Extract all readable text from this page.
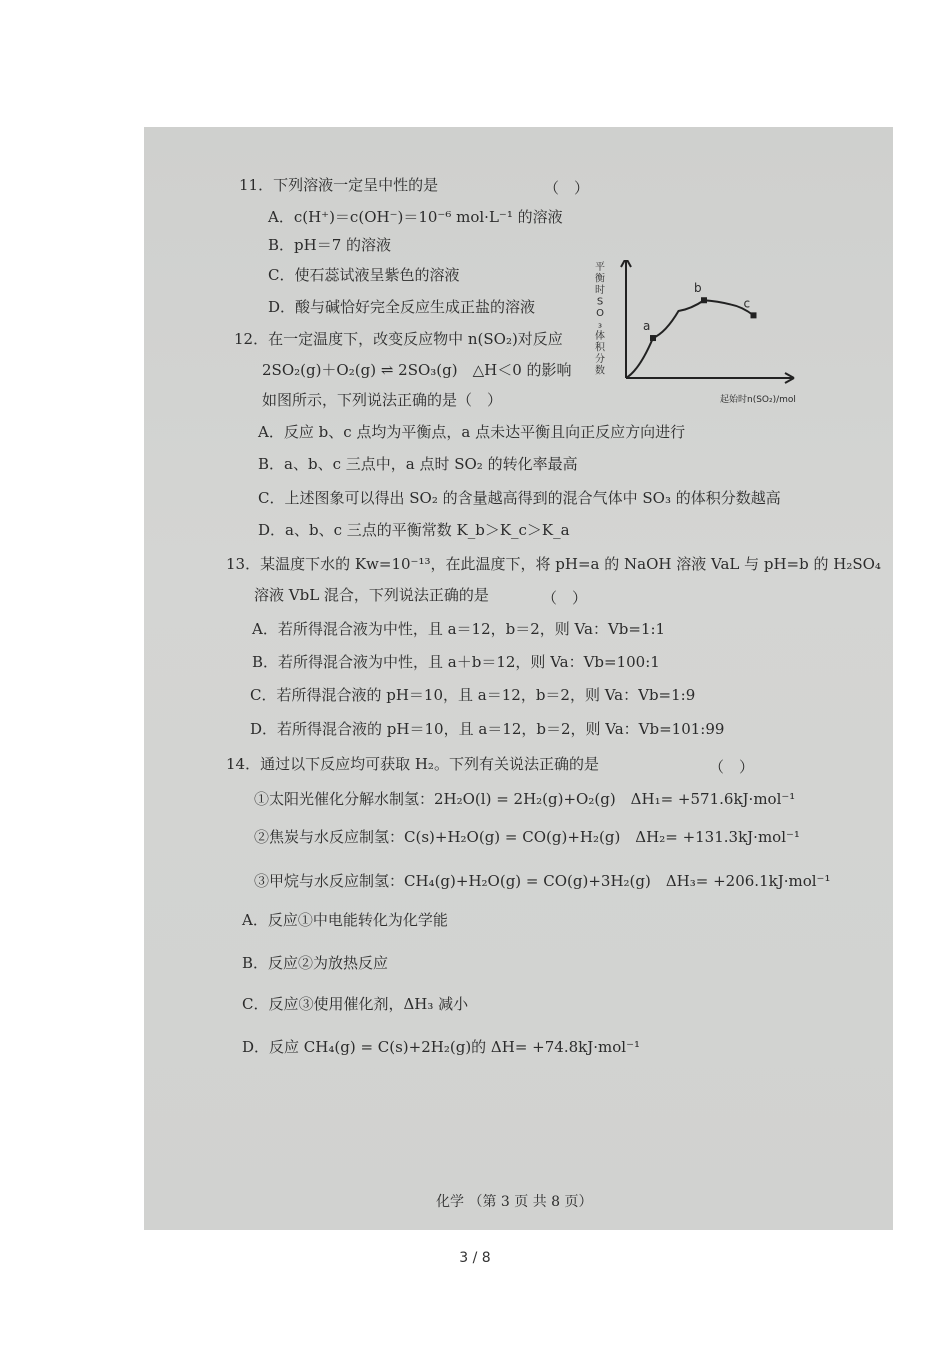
11．下列溶液一定呈中性的是	（　）
A．c(H⁺)＝c(OH⁻)＝10⁻⁶ mol·L⁻¹ 的溶液
B．pH＝7 的溶液
C．使石蕊试液呈紫色的溶液
D．酸与碱恰好完全反应生成正盐的溶液
12．在一定温度下，改变反应物中 n(SO₂)对反应
2SO₂(g)＋O₂(g) ⇌ 2SO₃(g)　△H＜0 的影响
如图所示，下列说法正确的是（　）
a
b
c
平
衡
时
S
O
₃
体
积
分
数
起始时n(SO₂)/mol
A．反应 b、c 点均为平衡点，a 点未达平衡且向正反应方向进行
B．a、b、c 三点中，a 点时 SO₂ 的转化率最高
C．上述图象可以得出 SO₂ 的含量越高得到的混合气体中 SO₃ 的体积分数越高
D．a、b、c 三点的平衡常数 K_b＞K_c＞K_a
13．某温度下水的 Kw=10⁻¹³，在此温度下，将 pH=a 的 NaOH 溶液 VaL 与 pH=b 的 H₂SO₄
溶液 VbL 混合，下列说法正确的是	（　）
A．若所得混合液为中性，且 a＝12，b＝2，则 Va：Vb=1:1
B．若所得混合液为中性，且 a＋b＝12，则 Va：Vb=100:1
C．若所得混合液的 pH＝10，且 a＝12，b＝2，则 Va：Vb=1:9
D．若所得混合液的 pH＝10，且 a＝12，b＝2，则 Va：Vb=101:99
14．通过以下反应均可获取 H₂。下列有关说法正确的是	（　）
①太阳光催化分解水制氢：2H₂O(l) = 2H₂(g)+O₂(g)　ΔH₁= +571.6kJ·mol⁻¹
②焦炭与水反应制氢：C(s)+H₂O(g) = CO(g)+H₂(g)　ΔH₂= +131.3kJ·mol⁻¹
③甲烷与水反应制氢：CH₄(g)+H₂O(g) = CO(g)+3H₂(g)　ΔH₃= +206.1kJ·mol⁻¹
A．反应①中电能转化为化学能
B．反应②为放热反应
C．反应③使用催化剂，ΔH₃ 减小
D．反应 CH₄(g) = C(s)+2H₂(g)的 ΔH= +74.8kJ·mol⁻¹
化学 （第 3 页 共 8 页）
3 / 8
